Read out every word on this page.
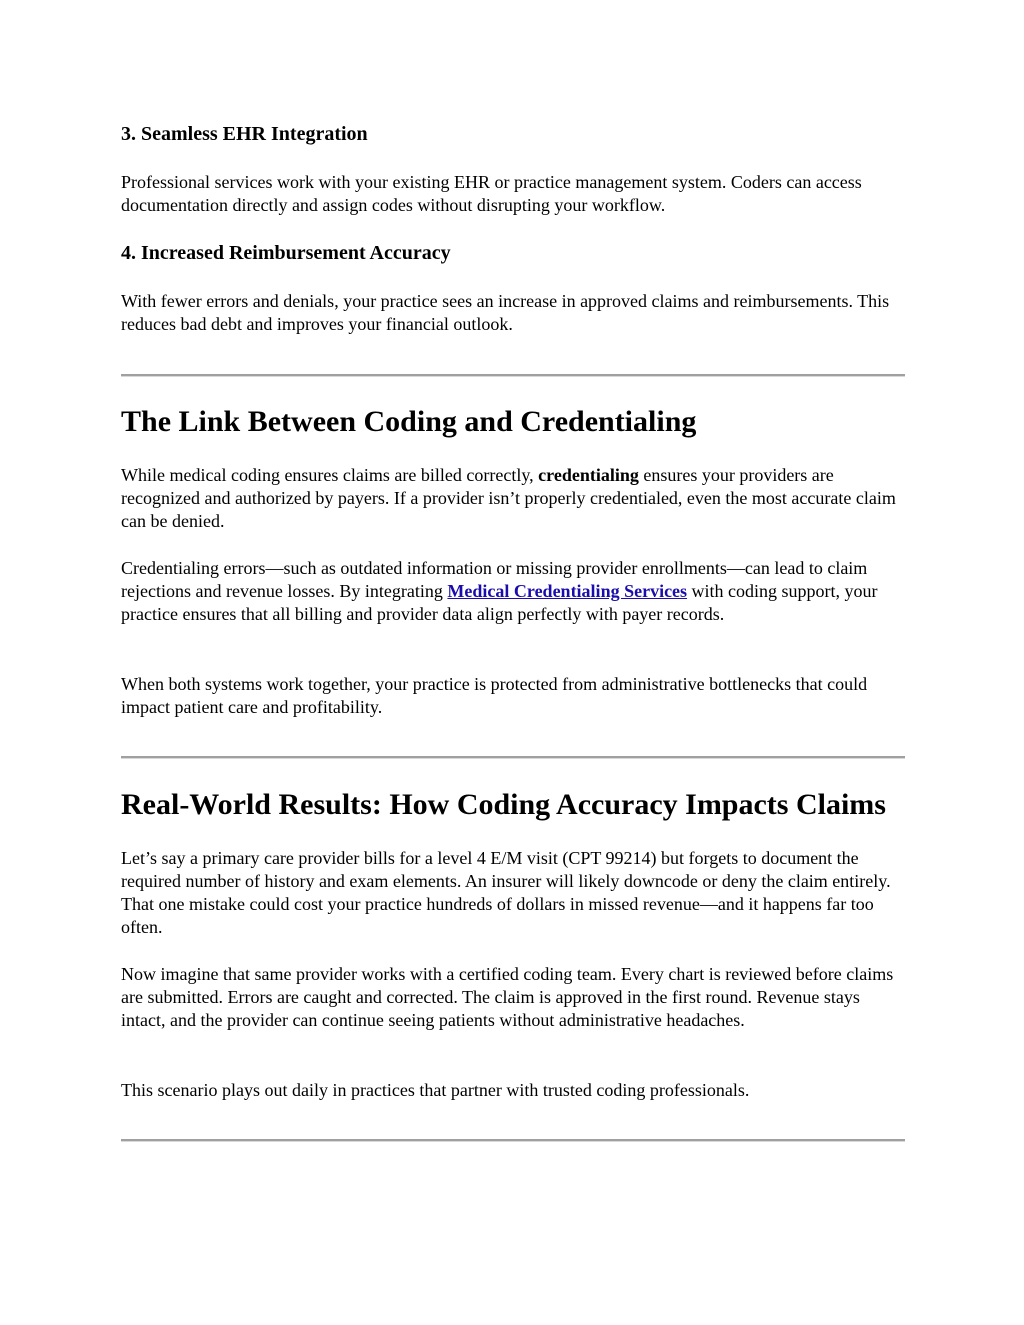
3. Seamless EHR Integration

Professional services work with your existing EHR or practice management system. Coders can access documentation directly and assign codes without disrupting your workflow.

4. Increased Reimbursement Accuracy

With fewer errors and denials, your practice sees an increase in approved claims and reimbursements. This reduces bad debt and improves your financial outlook.

The Link Between Coding and Credentialing

While medical coding ensures claims are billed correctly, credentialing ensures your providers are recognized and authorized by payers. If a provider isn’t properly credentialed, even the most accurate claim can be denied.

Credentialing errors—such as outdated information or missing provider enrollments—can lead to claim rejections and revenue losses. By integrating Medical Credentialing Services with coding support, your practice ensures that all billing and provider data align perfectly with payer records.

When both systems work together, your practice is protected from administrative bottlenecks that could impact patient care and profitability.

Real-World Results: How Coding Accuracy Impacts Claims

Let’s say a primary care provider bills for a level 4 E/M visit (CPT 99214) but forgets to document the required number of history and exam elements. An insurer will likely downcode or deny the claim entirely. That one mistake could cost your practice hundreds of dollars in missed revenue—and it happens far too often.

Now imagine that same provider works with a certified coding team. Every chart is reviewed before claims are submitted. Errors are caught and corrected. The claim is approved in the first round. Revenue stays intact, and the provider can continue seeing patients without administrative headaches.

This scenario plays out daily in practices that partner with trusted coding professionals.
